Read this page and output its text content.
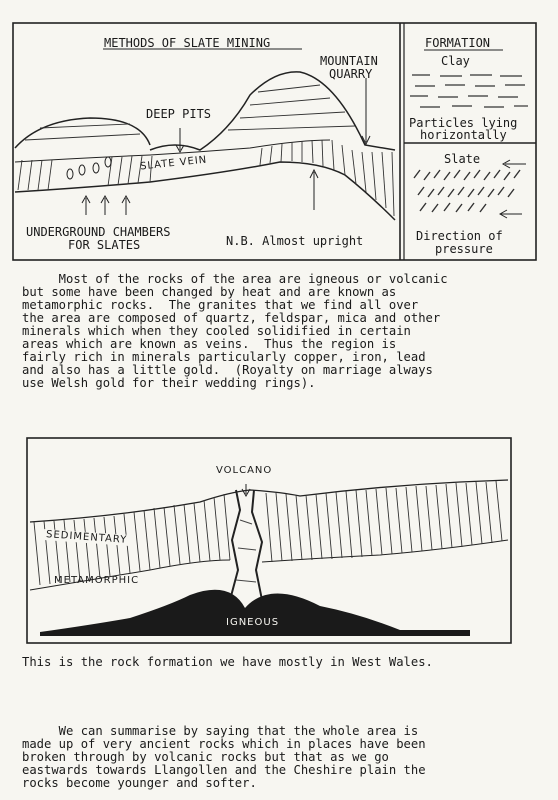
METHODS OF SLATE MINING
MOUNTAIN
QUARRY
DEEP PITS
SLATE VEIN
UNDERGROUND CHAMBERS
FOR SLATES	N.B. Almost upright
FORMATION
Clay
Particles lying
horizontally
Slate
Direction of
pressure
Most of the rocks of the area are igneous or volcanic
but some have been changed by heat and are known as
metamorphic rocks.  The granites that we find all over
the area are composed of quartz, feldspar, mica and other
minerals which when they cooled solidified in certain
areas which are known as veins.  Thus the region is
fairly rich in minerals particularly copper, iron, lead
and also has a little gold.  (Royalty on marriage always
use Welsh gold for their wedding rings).
VOLCANO
SEDIMENTARY
METAMORPHIC
IGNEOUS
This is the rock formation we have mostly in West Wales.
We can summarise by saying that the whole area is
made up of very ancient rocks which in places have been
broken through by volcanic rocks but that as we go
eastwards towards Llangollen and the Cheshire plain the
rocks become younger and softer.
